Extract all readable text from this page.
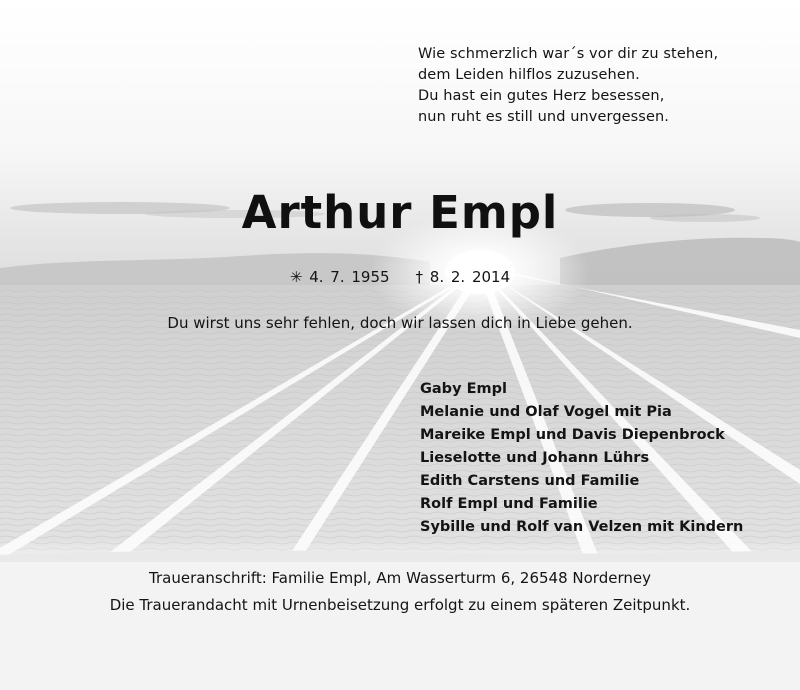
Wie schmerzlich war´s vor dir zu stehen,
dem Leiden hilflos zuzusehen.
Du hast ein gutes Herz besessen,
nun ruht es still und unvergessen.
Arthur Empl
✳ 4. 7. 1955 † 8. 2. 2014
Du wirst uns sehr fehlen, doch wir lassen dich in Liebe gehen.
Gaby Empl
Melanie und Olaf Vogel mit Pia
Mareike Empl und Davis Diepenbrock
Lieselotte und Johann Lührs
Edith Carstens und Familie
Rolf Empl und Familie
Sybille und Rolf van Velzen mit Kindern
Traueranschrift: Familie Empl, Am Wasserturm 6, 26548 Norderney
Die Trauerandacht mit Urnenbeisetzung erfolgt zu einem späteren Zeitpunkt.
